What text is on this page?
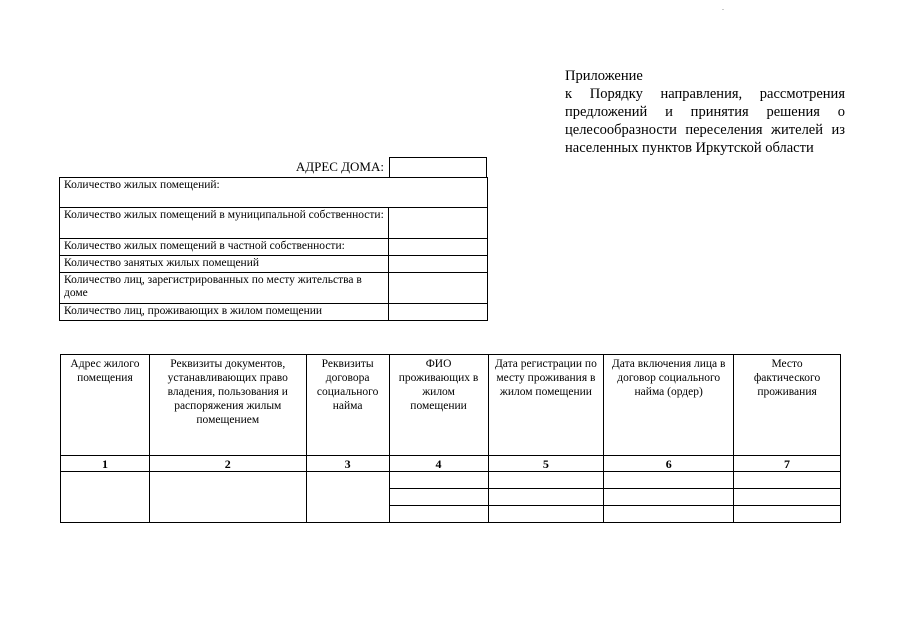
.
Приложение
к Порядку направления, рассмотрения предложений и принятия решения о целесообразности переселения жителей из населенных пунктов Иркутской области
АДРЕС ДОМА:
Количество жилых помещений:	
Количество жилых помещений в муниципальной собственности:	
Количество жилых помещений в частной собственности:	
Количество занятых жилых помещений	
Количество лиц, зарегистрированных по месту жительства в доме	
Количество лиц, проживающих в жилом помещении	
Адрес жилого помещения	Реквизиты документов, устанавливающих право владения, пользования и распоряжения жилым помещением	Реквизиты договора социального найма	ФИО проживающих в жилом помещении	Дата регистрации по месту проживания в жилом помещении	Дата включения лица в договор социального найма (ордер)	Место фактического проживания
1	2	3	4	5	6	7
